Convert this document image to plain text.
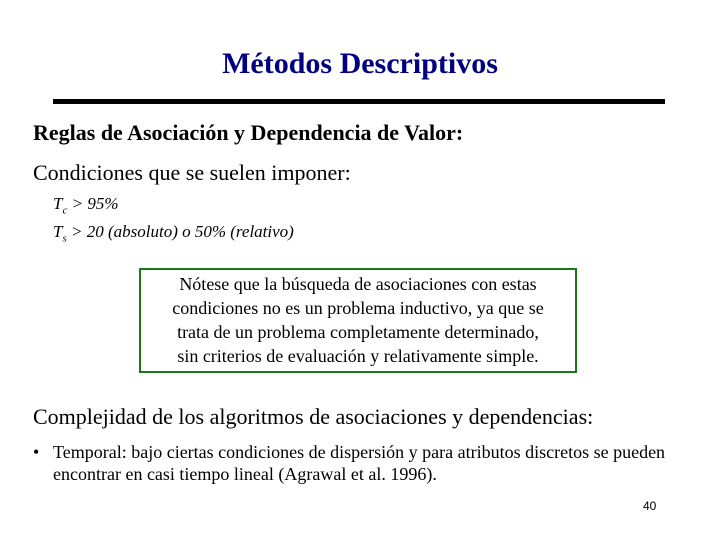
Métodos Descriptivos
Reglas de Asociación y Dependencia de Valor:
Condiciones que se suelen imponer:
$T_c > 95\%$
$T_s > 20$ (absoluto) o 50% (relativo)
Nótese que la búsqueda de asociaciones con estas
condiciones no es un problema inductivo, ya que se
trata de un problema completamente determinado,
sin criterios de evaluación y relativamente simple.
Complejidad de los algoritmos de asociaciones y dependencias:
• Temporal: bajo ciertas condiciones de dispersión y para atributos discretos se pueden encontrar en casi tiempo lineal (Agrawal et al. 1996).
40
